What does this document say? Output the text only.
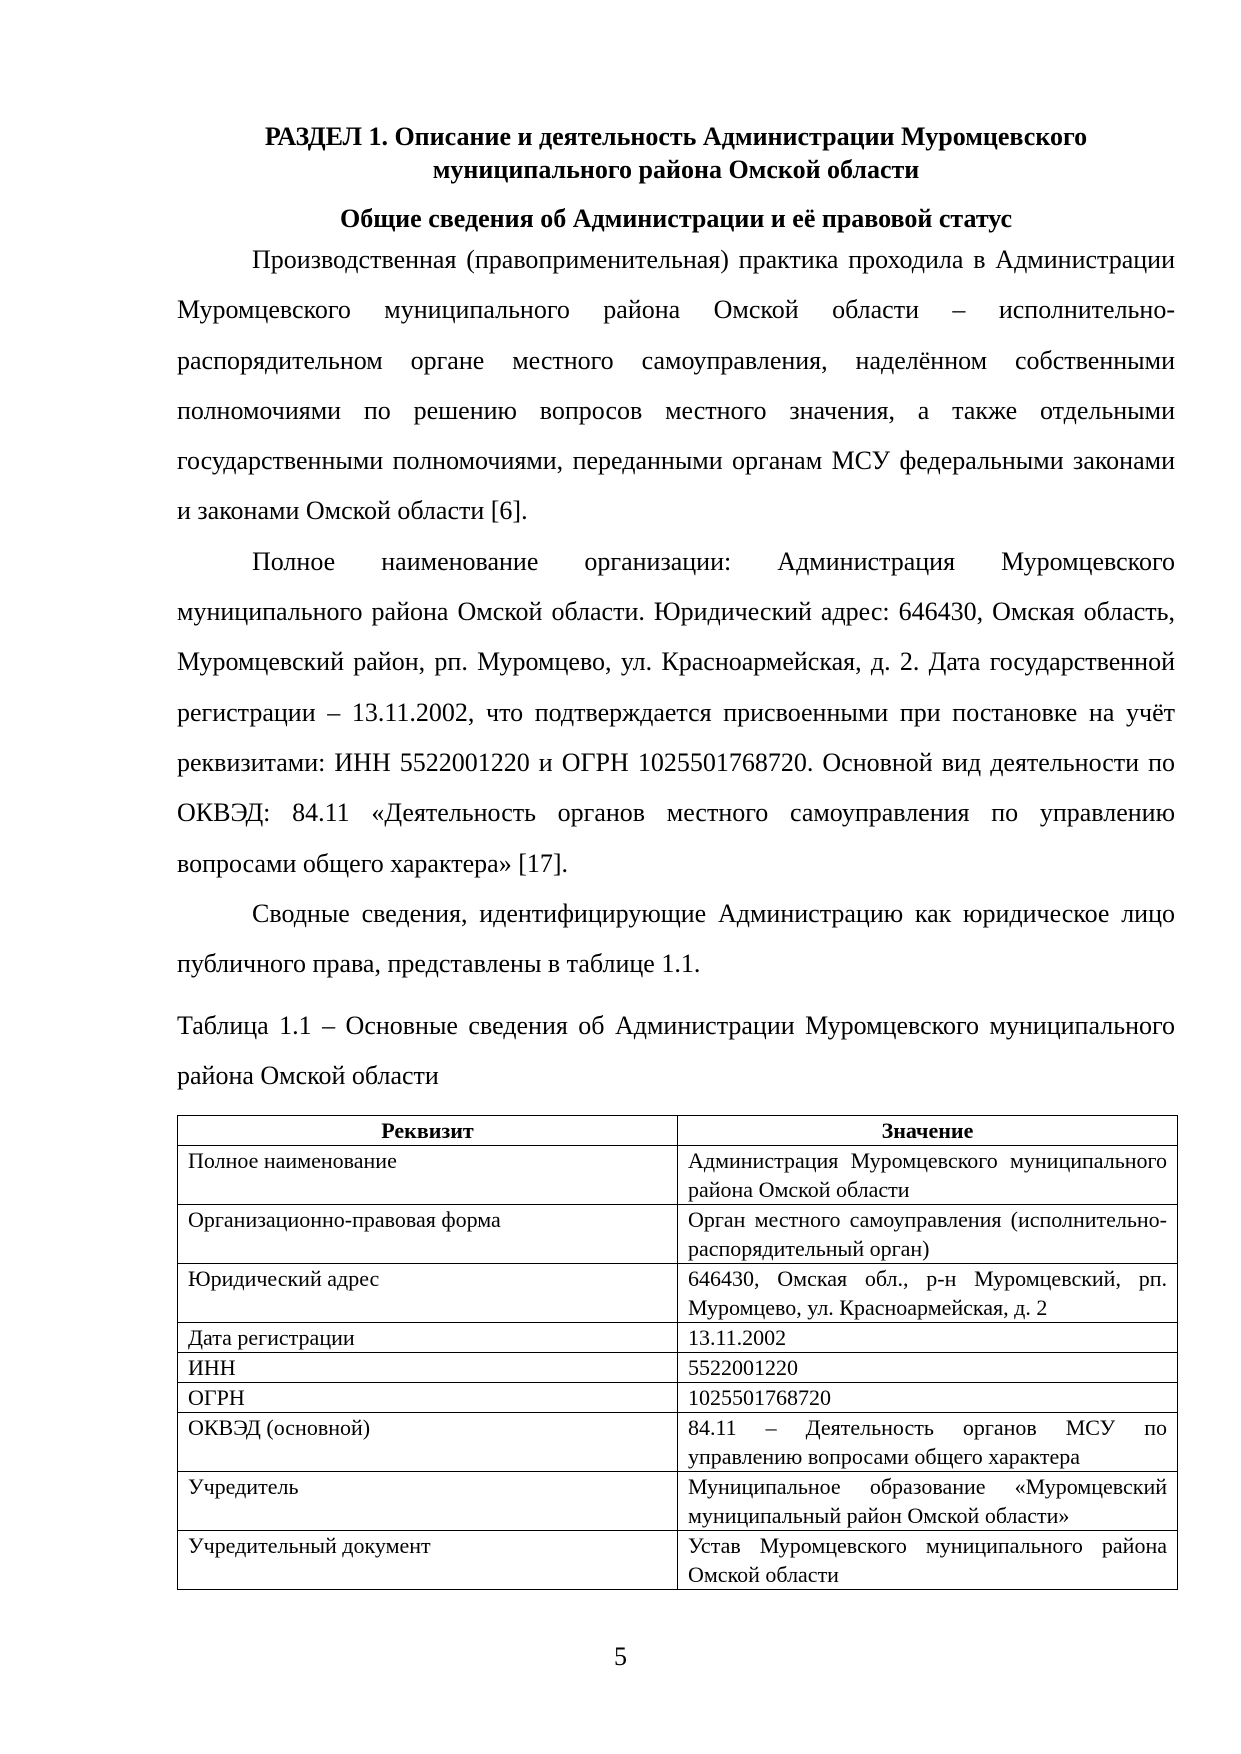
РАЗДЕЛ 1. Описание и деятельность Администрации Муромцевского
муниципального района Омской области
Общие сведения об Администрации и её правовой статус

Производственная (правоприменительная) практика проходила в Администрации Муромцевского муниципального района Омской области – исполнительно-распорядительном органе местного самоуправления, наделённом собственными полномочиями по решению вопросов местного значения, а также отдельными государственными полномочиями, переданными органам МСУ федеральными законами и законами Омской области [6].

Полное наименование организации: Администрация Муромцевского муниципального района Омской области. Юридический адрес: 646430, Омская область, Муромцевский район, рп. Муромцево, ул. Красноармейская, д. 2. Дата государственной регистрации – 13.11.2002, что подтверждается присвоенными при постановке на учёт реквизитами: ИНН 5522001220 и ОГРН 1025501768720. Основной вид деятельности по ОКВЭД: 84.11 «Деятельность органов местного самоуправления по управлению вопросами общего характера» [17].

Сводные сведения, идентифицирующие Администрацию как юридическое лицо публичного права, представлены в таблице 1.1.

Таблица 1.1 – Основные сведения об Администрации Муромцевского муниципального района Омской области

Реквизит	Значение
Полное наименование	Администрация Муромцевского муниципального района Омской области
Организационно-правовая форма	Орган местного самоуправления (исполнительно-распорядительный орган)
Юридический адрес	646430, Омская обл., р-н Муромцевский, рп. Муромцево, ул. Красноармейская, д. 2
Дата регистрации	13.11.2002
ИНН	5522001220
ОГРН	1025501768720
ОКВЭД (основной)	84.11 – Деятельность органов МСУ по управлению вопросами общего характера
Учредитель	Муниципальное образование «Муромцевский муниципальный район Омской области»
Учредительный документ	Устав Муромцевского муниципального района Омской области
5
